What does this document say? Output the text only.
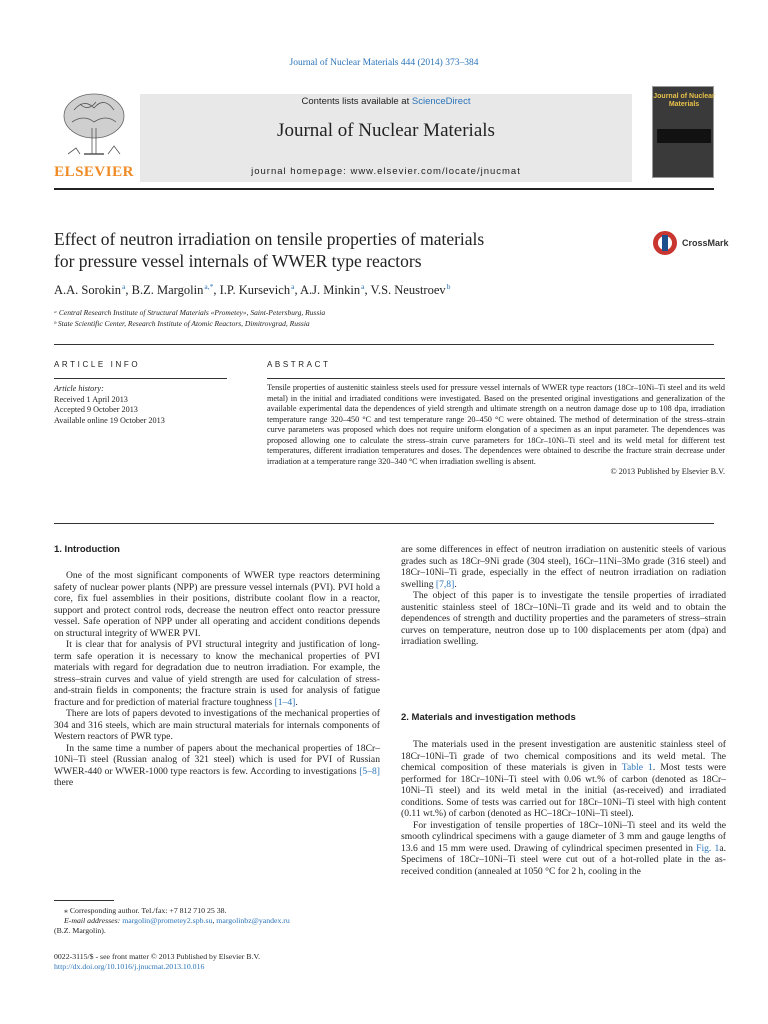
Journal of Nuclear Materials 444 (2014) 373–384
ELSEVIER
Contents lists available at ScienceDirect
Journal of Nuclear Materials
journal homepage: www.elsevier.com/locate/jnucmat
Journal of Nuclear Materials
Effect of neutron irradiation on tensile properties of materials
for pressure vessel internals of WWER type reactors
CrossMark
A.A. Sorokin $^a$, B.Z. Margolin $^{a,*}$, I.P. Kursevich $^a$, A.J. Minkin $^a$, V.S. Neustroev $^b$
ᵃ Central Research Institute of Structural Materials «Prometey», Saint-Petersburg, Russia
ᵇ State Scientific Center, Research Institute of Atomic Reactors, Dimitrovgrad, Russia
ARTICLE INFO
Article history:
Received 1 April 2013
Accepted 9 October 2013
Available online 19 October 2013
ABSTRACT
Tensile properties of austenitic stainless steels used for pressure vessel internals of WWER type reactors (18Cr–10Ni–Ti steel and its weld metal) in the initial and irradiated conditions were investigated. Based on the presented original investigations and generalization of the available experimental data the dependences of yield strength and ultimate strength on a neutron damage dose up to 108 dpa, irradiation temperature range 320–450 °C and test temperature range 20–450 °C were obtained. The method of determination of the stress–strain curve parameters was proposed which does not require uniform elongation of a specimen as an input parameter. The dependences was proposed allowing one to calculate the stress–strain curve parameters for 18Cr–10Ni–Ti steel and its weld metal for different test temperatures, different irradiation temperatures and doses. The dependences were obtained to describe the fracture strain decrease under irradiation at a temperature range 320–340 °C when irradiation swelling is absent.
© 2013 Published by Elsevier B.V.
1. Introduction

One of the most significant components of WWER type reactors determining safety of nuclear power plants (NPP) are pressure vessel internals (PVI). PVI hold a core, fix fuel assemblies in their positions, distribute coolant flow in a reactor, support and protect control rods, decrease the neutron effect onto reactor pressure vessel. Safe operation of NPP under all operating and accident conditions depends on structural integrity of WWER PVI.

It is clear that for analysis of PVI structural integrity and justification of long-term safe operation it is necessary to know the mechanical properties of PVI materials with regard for degradation due to neutron irradiation. For example, the stress–strain curves and value of yield strength are used for calculation of stress-and-strain fields in components; the fracture strain is used for analysis of fatigue fracture and for prediction of material fracture toughness [1–4].

There are lots of papers devoted to investigations of the mechanical properties of 304 and 316 steels, which are main structural materials for internals components of Western reactors of PWR type.

In the same time a number of papers about the mechanical properties of 18Cr–10Ni–Ti steel (Russian analog of 321 steel) which is used for PVI of Russian WWER-440 or WWER-1000 type reactors is few. According to investigations [5–8] there

⁎ Corresponding author. Tel./fax: +7 812 710 25 38.
E-mail addresses: margolin@prometey2.spb.su, margolinbz@yandex.ru
(B.Z. Margolin).
0022-3115/$ - see front matter © 2013 Published by Elsevier B.V.
http://dx.doi.org/10.1016/j.jnucmat.2013.10.016
are some differences in effect of neutron irradiation on austenitic steels of various grades such as 18Cr–9Ni grade (304 steel), 16Cr–11Ni–3Mo grade (316 steel) and 18Cr–10Ni–Ti grade, especially in the effect of neutron irradiation on radiation swelling [7,8].

The object of this paper is to investigate the tensile properties of irradiated austenitic stainless steel of 18Cr–10Ni–Ti grade and its weld and to obtain the dependences of strength and ductility properties and the parameters of stress–strain curves on temperature, neutron dose up to 100 displacements per atom (dpa) and irradiation swelling.

2. Materials and investigation methods

The materials used in the present investigation are austenitic stainless steel of 18Cr–10Ni–Ti grade of two chemical compositions and its weld metal. The chemical composition of these materials is given in Table 1. Most tests were performed for 18Cr–10Ni–Ti steel with 0.06 wt.% of carbon (denoted as 18Cr–10Ni–Ti steel) and its weld metal in the initial (as-received) and irradiated conditions. Some of tests was carried out for 18Cr–10Ni–Ti steel with high content (0.11 wt.%) of carbon (denoted as HC–18Cr–10Ni–Ti steel).

For investigation of tensile properties of 18Cr–10Ni–Ti steel and its weld the smooth cylindrical specimens with a gauge diameter of 3 mm and gauge lengths of 13.6 and 15 mm were used. Drawing of cylindrical specimen presented in Fig. 1a. Specimens of 18Cr–10Ni–Ti steel were cut out of a hot-rolled plate in the as-received condition (annealed at 1050 °C for 2 h, cooling in the
